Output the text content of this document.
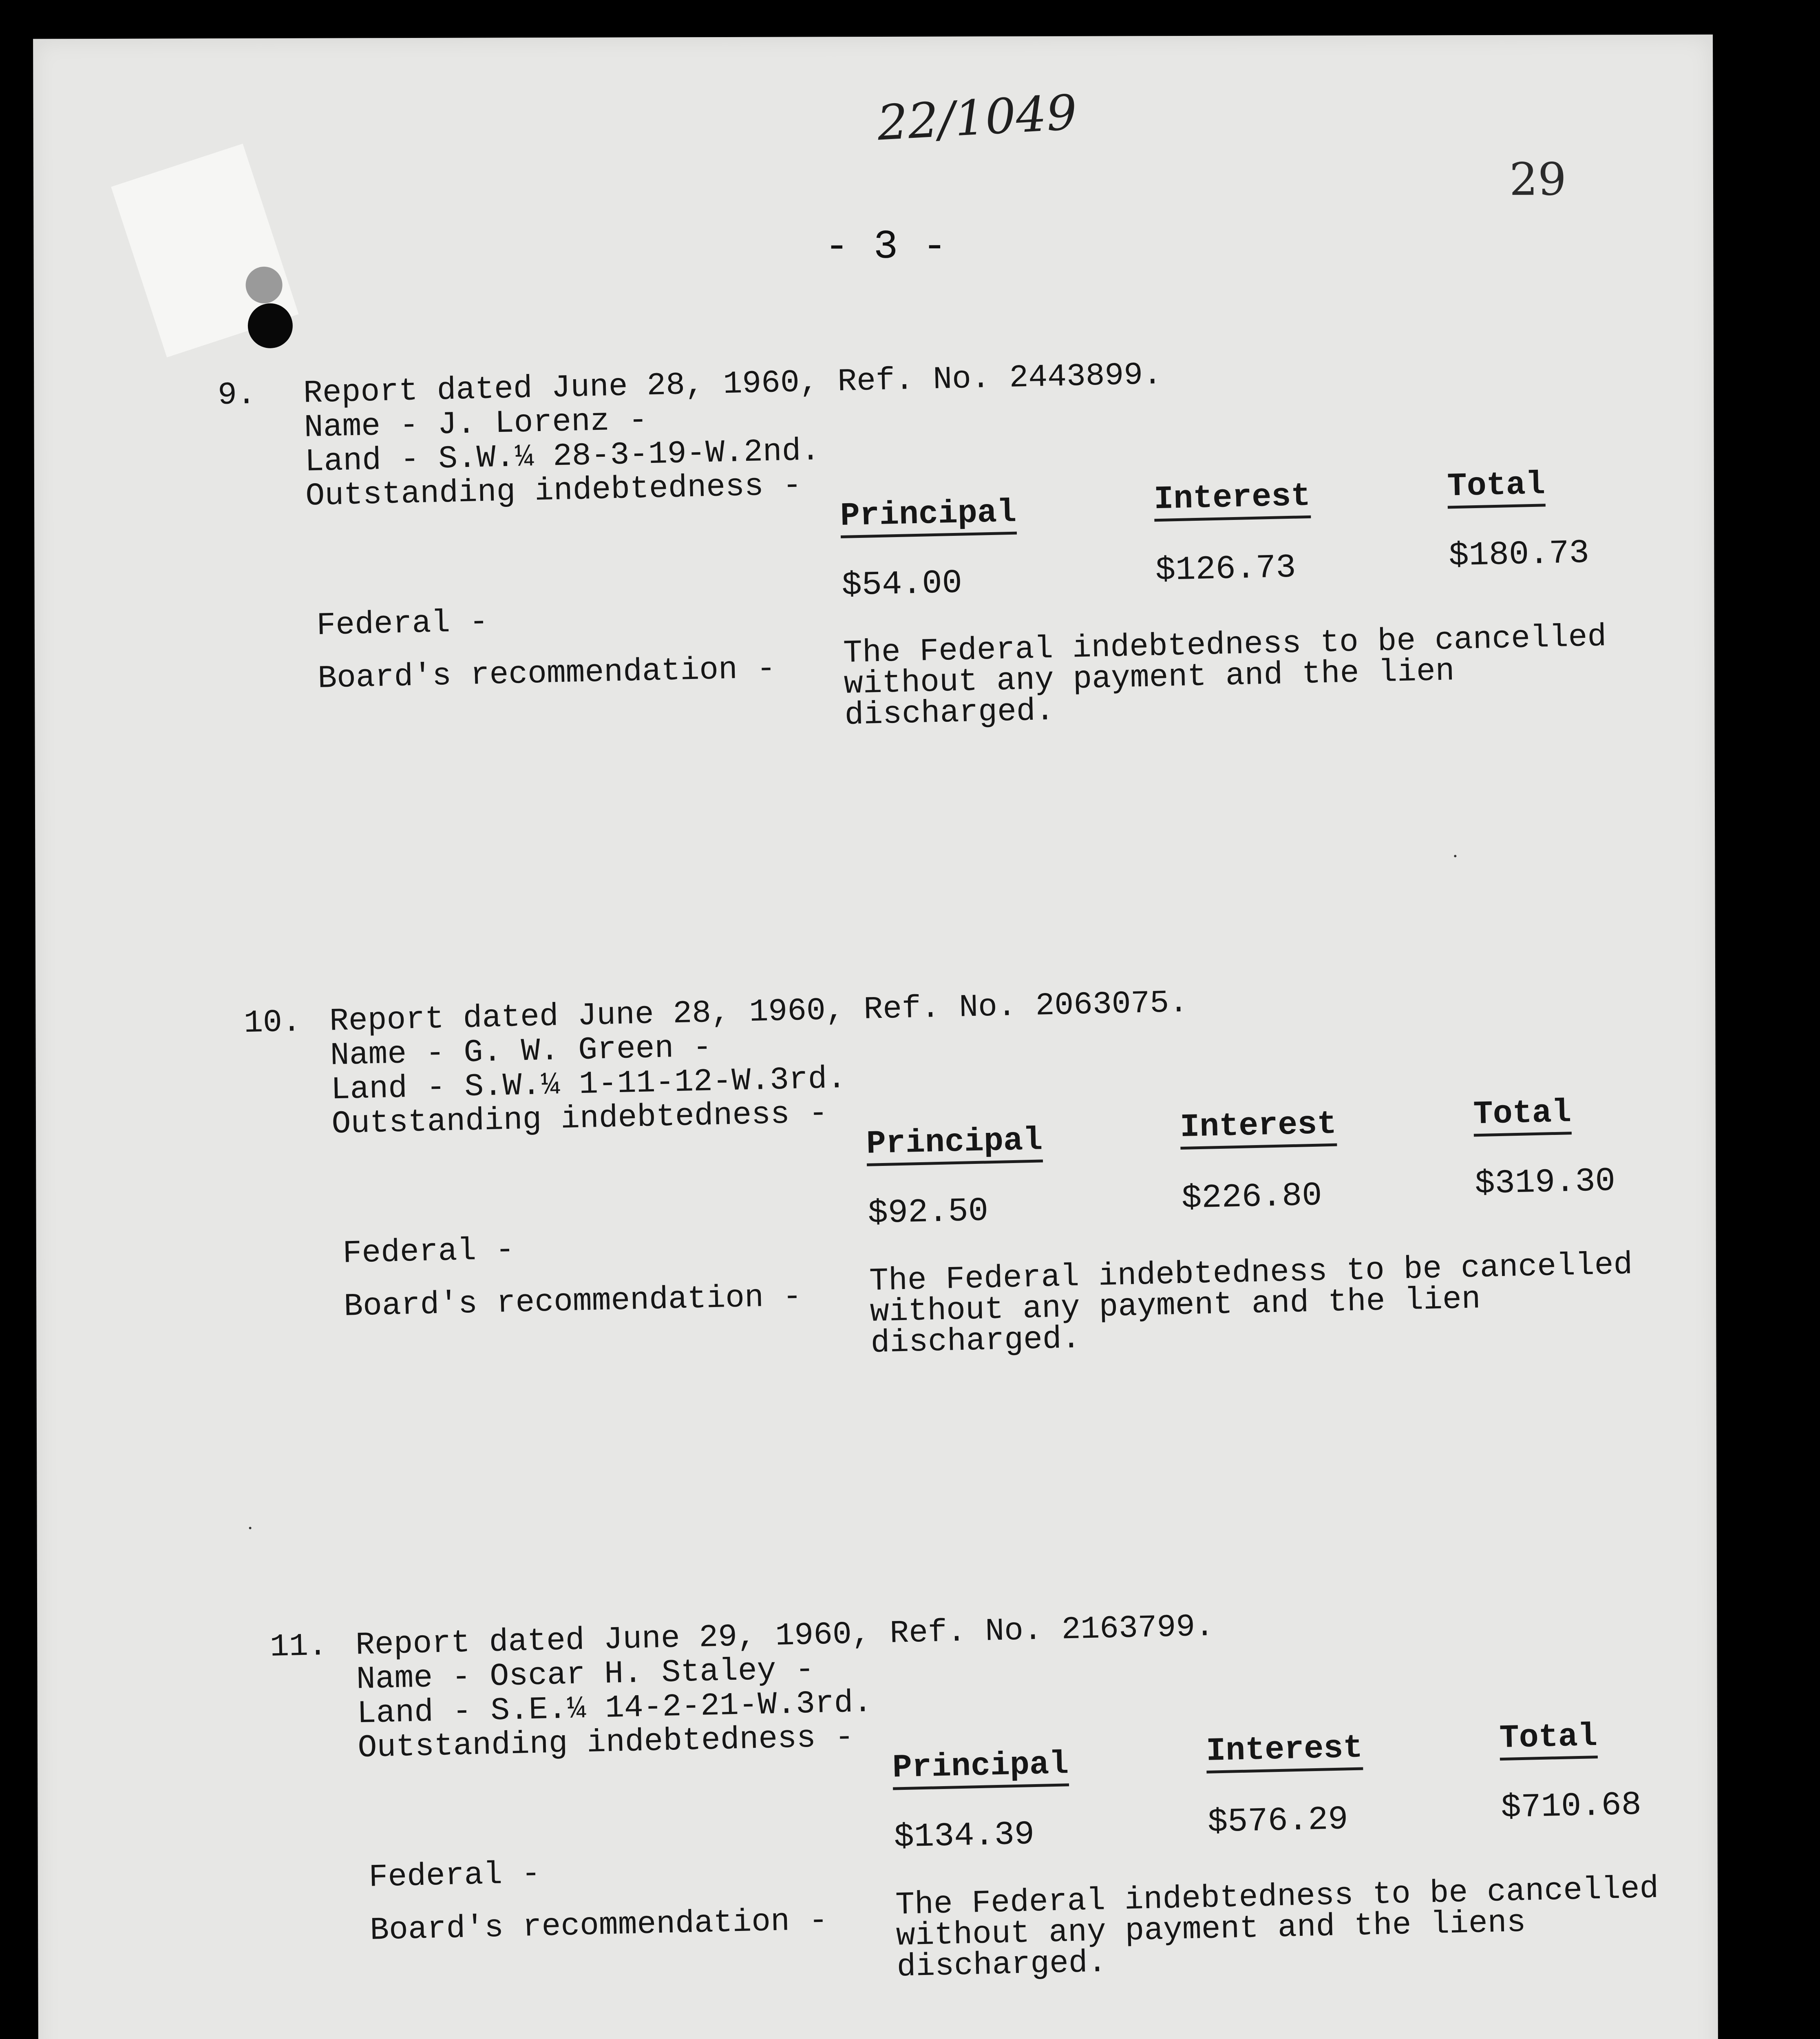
22/1049
29
- 3 -
9. Report dated June 28, 1960, Ref. No. 2443899.
Name - J. Lorenz -
Land - S.W.¼ 28-3-19-W.2nd.
Outstanding indebtedness -
Principal	Interest	Total
$54.00	$126.73	$180.73
Federal -
Board's recommendation -
The Federal indebtedness to be cancelled without any payment and the lien discharged.
10. Report dated June 28, 1960, Ref. No. 2063075.
Name - G. W. Green -
Land - S.W.¼ 1-11-12-W.3rd.
Outstanding indebtedness -
Principal	Interest	Total
$92.50	$226.80	$319.30
Federal -
Board's recommendation -
The Federal indebtedness to be cancelled without any payment and the lien discharged.
11. Report dated June 29, 1960, Ref. No. 2163799.
Name - Oscar H. Staley -
Land - S.E.¼ 14-2-21-W.3rd.
Outstanding indebtedness -
Principal	Interest	Total
$134.39	$576.29	$710.68
Federal -
Board's recommendation -
The Federal indebtedness to be cancelled without any payment and the liens discharged.
